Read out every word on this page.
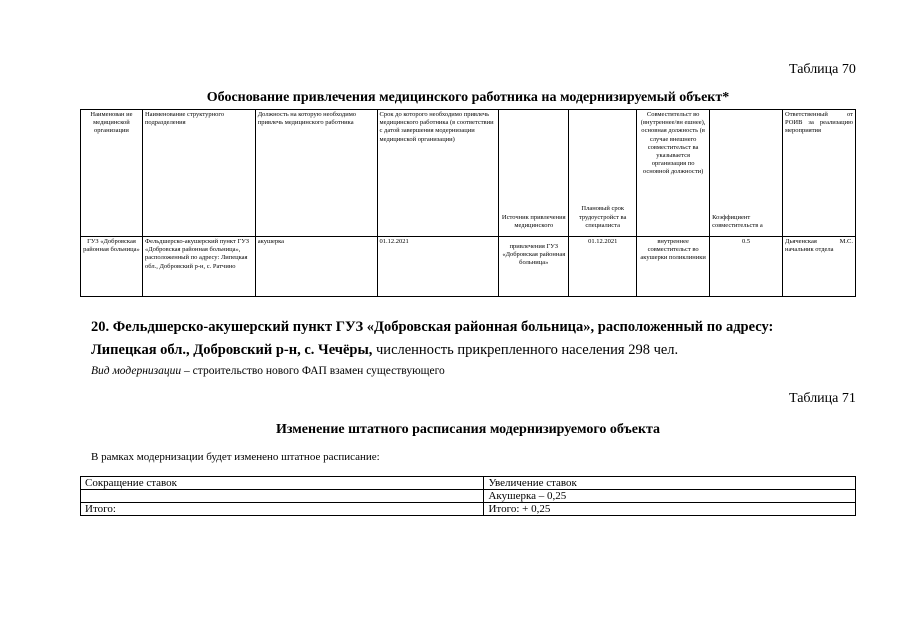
Таблица 70
Обоснование привлечения медицинского работника на модернизируемый объект*
Наименован ие медицинской организации	Наименование структурного подразделения	Должность на которую необходимо привлечь медицинского работника	Срок до которого необходимо привлечь медицинского работника (в соответствии с датой завершения модернизации медицинской организации)	Источник привлечения медицинского	Плановый срок трудоустройст ва специалиста	Совместительст во (внутреннее/вн ешнее), основная должность (в случае внешнего совместительст ва указывается организация по основной должности)	Коэффициент совместительств а	Ответственный от РОИВ за реализацию мероприятия
ГУЗ «Добровская районная больница»	Фельдшерско-акушерский пункт ГУЗ «Добровская районная больница», расположенный по адресу: Липецкая обл., Добровский р-н, с. Ратчино	акушерка	01.12.2021	привлечения ГУЗ «Добровская районная больница»	01.12.2021	внутреннее совместительст во акушерки поликлиники	0.5	Дьяченская М.С. начальник отдела
20. Фельдшерско-акушерский пункт ГУЗ «Добровская районная больница», расположенный по адресу: Липецкая обл., Добровский р-н, с. Чечёры, численность прикрепленного населения 298 чел.
Вид модернизации – строительство нового ФАП взамен существующего
Таблица 71
Изменение штатного расписания модернизируемого объекта
В рамках модернизации будет изменено штатное расписание:
Сокращение ставок	Увеличение ставок
	Акушерка – 0,25
Итого:	Итого: + 0,25
